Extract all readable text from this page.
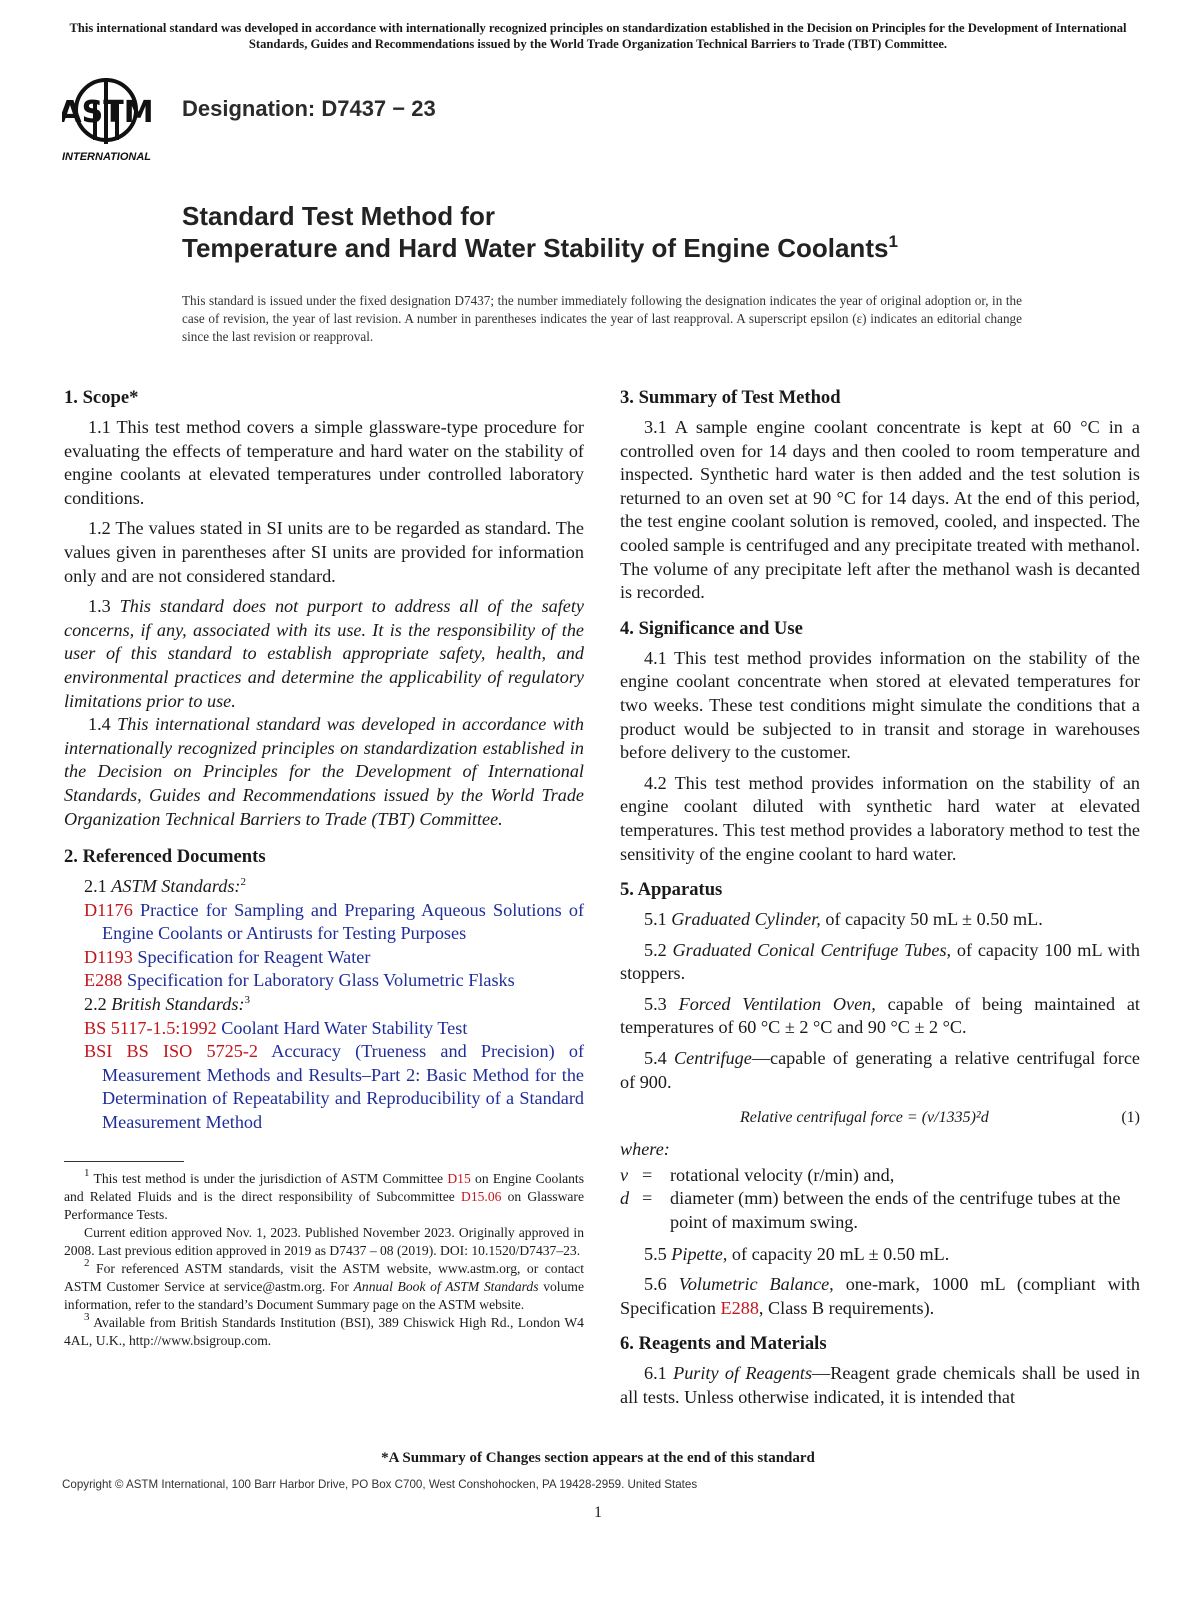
This international standard was developed in accordance with internationally recognized principles on standardization established in the Decision on Principles for the Development of International Standards, Guides and Recommendations issued by the World Trade Organization Technical Barriers to Trade (TBT) Committee.
ASTM
INTERNATIONAL
Designation: D7437 − 23
Standard Test Method for
Temperature and Hard Water Stability of Engine Coolants$^1$
This standard is issued under the fixed designation D7437; the number immediately following the designation indicates the year of original adoption or, in the case of revision, the year of last revision. A number in parentheses indicates the year of last reapproval. A superscript epsilon (ε) indicates an editorial change since the last revision or reapproval.
1. Scope*

1.1 This test method covers a simple glassware-type procedure for evaluating the effects of temperature and hard water on the stability of engine coolants at elevated temperatures under controlled laboratory conditions.

1.2 The values stated in SI units are to be regarded as standard. The values given in parentheses after SI units are provided for information only and are not considered standard.

1.3 This standard does not purport to address all of the safety concerns, if any, associated with its use. It is the responsibility of the user of this standard to establish appropriate safety, health, and environmental practices and determine the applicability of regulatory limitations prior to use.

1.4 This international standard was developed in accordance with internationally recognized principles on standardization established in the Decision on Principles for the Development of International Standards, Guides and Recommendations issued by the World Trade Organization Technical Barriers to Trade (TBT) Committee.

2. Referenced Documents
2.1 ASTM Standards:$^2$
D1176 Practice for Sampling and Preparing Aqueous Solutions of Engine Coolants or Antirusts for Testing Purposes
D1193 Specification for Reagent Water
E288 Specification for Laboratory Glass Volumetric Flasks
2.2 British Standards:$^3$
BS 5117-1.5:1992 Coolant Hard Water Stability Test
BSI BS ISO 5725-2 Accuracy (Trueness and Precision) of Measurement Methods and Results–Part 2: Basic Method for the Determination of Repeatability and Reproducibility of a Standard Measurement Method

$^1$ This test method is under the jurisdiction of ASTM Committee D15 on Engine Coolants and Related Fluids and is the direct responsibility of Subcommittee D15.06 on Glassware Performance Tests.

Current edition approved Nov. 1, 2023. Published November 2023. Originally approved in 2008. Last previous edition approved in 2019 as D7437 – 08 (2019). DOI: 10.1520/D7437–23.

$^2$ For referenced ASTM standards, visit the ASTM website, www.astm.org, or contact ASTM Customer Service at service@astm.org. For Annual Book of ASTM Standards volume information, refer to the standard’s Document Summary page on the ASTM website.

$^3$ Available from British Standards Institution (BSI), 389 Chiswick High Rd., London W4 4AL, U.K., http://www.bsigroup.com.

3. Summary of Test Method

3.1 A sample engine coolant concentrate is kept at 60 °C in a controlled oven for 14 days and then cooled to room temperature and inspected. Synthetic hard water is then added and the test solution is returned to an oven set at 90 °C for 14 days. At the end of this period, the test engine coolant solution is removed, cooled, and inspected. The cooled sample is centrifuged and any precipitate treated with methanol. The volume of any precipitate left after the methanol wash is decanted is recorded.

4. Significance and Use

4.1 This test method provides information on the stability of the engine coolant concentrate when stored at elevated temperatures for two weeks. These test conditions might simulate the conditions that a product would be subjected to in transit and storage in warehouses before delivery to the customer.

4.2 This test method provides information on the stability of an engine coolant diluted with synthetic hard water at elevated temperatures. This test method provides a laboratory method to test the sensitivity of the engine coolant to hard water.

5. Apparatus

5.1 Graduated Cylinder, of capacity 50 mL ± 0.50 mL.

5.2 Graduated Conical Centrifuge Tubes, of capacity 100 mL with stoppers.

5.3 Forced Ventilation Oven, capable of being maintained at temperatures of 60 °C ± 2 °C and 90 °C ± 2 °C.

5.4 Centrifuge—capable of generating a relative centrifugal force of 900.

Relative centrifugal force = (v/1335)²d	(1)
where:
v = rotational velocity (r/min) and,
d = diameter (mm) between the ends of the centrifuge tubes at the point of maximum swing.

5.5 Pipette, of capacity 20 mL ± 0.50 mL.

5.6 Volumetric Balance, one-mark, 1000 mL (compliant with Specification E288, Class B requirements).

6. Reagents and Materials

6.1 Purity of Reagents—Reagent grade chemicals shall be used in all tests. Unless otherwise indicated, it is intended that

*A Summary of Changes section appears at the end of this standard
Copyright © ASTM International, 100 Barr Harbor Drive, PO Box C700, West Conshohocken, PA 19428-2959. United States
1
